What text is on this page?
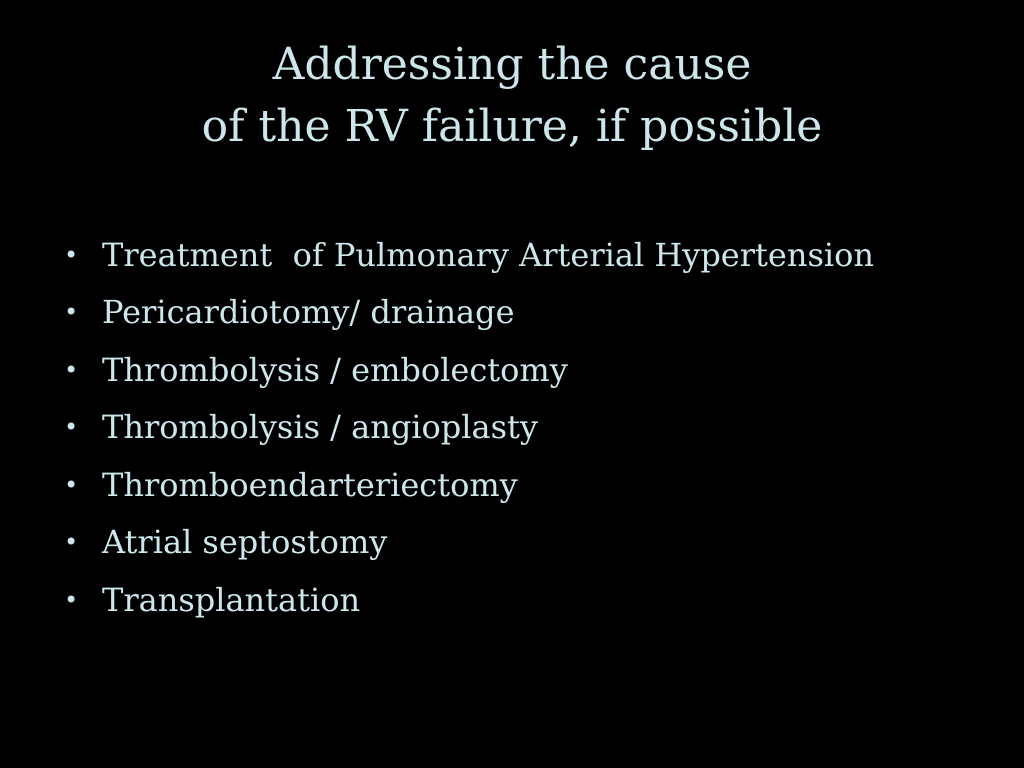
Addressing the cause
of the RV failure, if possible
• Treatment  of Pulmonary Arterial Hypertension
• Pericardiotomy/ drainage
• Thrombolysis / embolectomy
• Thrombolysis / angioplasty
• Thromboendarteriectomy
• Atrial septostomy
• Transplantation
